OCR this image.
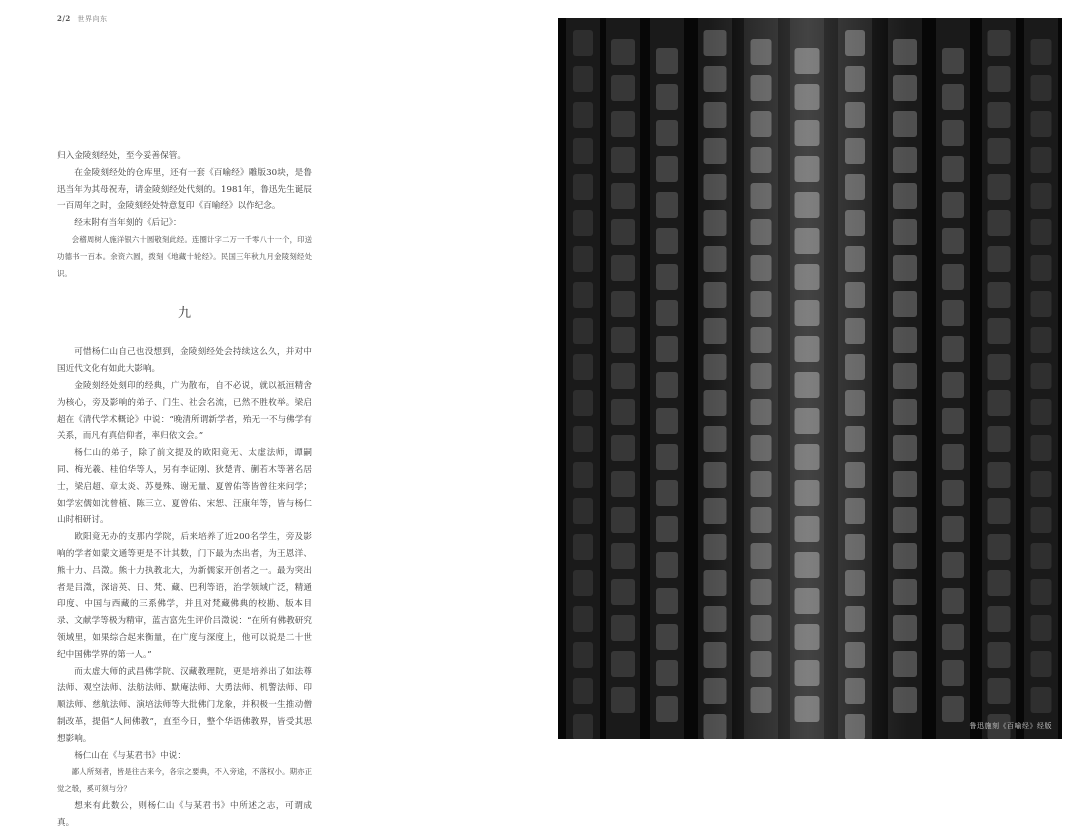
2/2 世界向东

归入金陵刻经处，至今妥善保管。

在金陵刻经处的仓库里，还有一套《百喻经》雕版30块，是鲁迅当年为其母祝寿，请金陵刻经处代刻的。1981年，鲁迅先生诞辰一百周年之时，金陵刻经处特意复印《百喻经》以作纪念。

经末附有当年刻的《后记》：

会稽周树人施洋银六十圆敬刻此经。连圈计字二万一千零八十一个，印送功德书一百本。余资六圆，拨刻《地藏十轮经》。民国三年秋九月金陵刻经处识。

九

可惜杨仁山自己也没想到，金陵刻经处会持续这么久，并对中国近代文化有如此大影响。

金陵刻经处刻印的经典，广为散布，自不必说，就以祇洹精舍为核心，旁及影响的弟子、门生、社会名流，已然不胜枚举。梁启超在《清代学术概论》中说：“晚清所谓新学者，殆无一不与佛学有关系，而凡有真信仰者，率归依文会。”

杨仁山的弟子，除了前文提及的欧阳竟无、太虚法师，谭嗣同、梅光羲、桂伯华等人，另有李证刚、狄楚青、蒯若木等著名居士，梁启超、章太炎、苏曼殊、谢无量、夏曾佑等皆曾往来问学；如学宏儒如沈曾植、陈三立、夏曾佑、宋恕、汪康年等，皆与杨仁山时相研讨。

欧阳竟无办的支那内学院，后来培养了近200名学生，旁及影响的学者如蒙文通等更是不计其数，门下最为杰出者，为王恩洋、熊十力、吕澂。熊十力执教北大，为新儒家开创者之一。最为突出者是吕澂，深谙英、日、梵、藏、巴利等语，治学领域广泛，精通印度、中国与西藏的三系佛学，并且对梵藏佛典的校勘、版本目录、文献学等极为精审，蓝吉富先生评价吕澂说：“在所有佛教研究领域里，如果综合起来衡量，在广度与深度上，他可以说是二十世纪中国佛学界的第一人。”

而太虚大师的武昌佛学院、汉藏教理院，更是培养出了如法尊法师、观空法师、法舫法师、默庵法师、大勇法师、机警法师、印顺法师、慈航法师、演培法师等大批佛门龙象，并积极一生推动僧制改革，提倡“人间佛教”，直至今日，整个华语佛教界，皆受其思想影响。

杨仁山在《与某君书》中说：

鄙人所刻者，皆是往古来今，各宗之要典，不入旁途，不落权小。期亦正觉之彀，奚可须与分？

想来有此数公，则杨仁山《与某君书》中所述之志，可谓成真。

鲁迅施刻《百喻经》经版
